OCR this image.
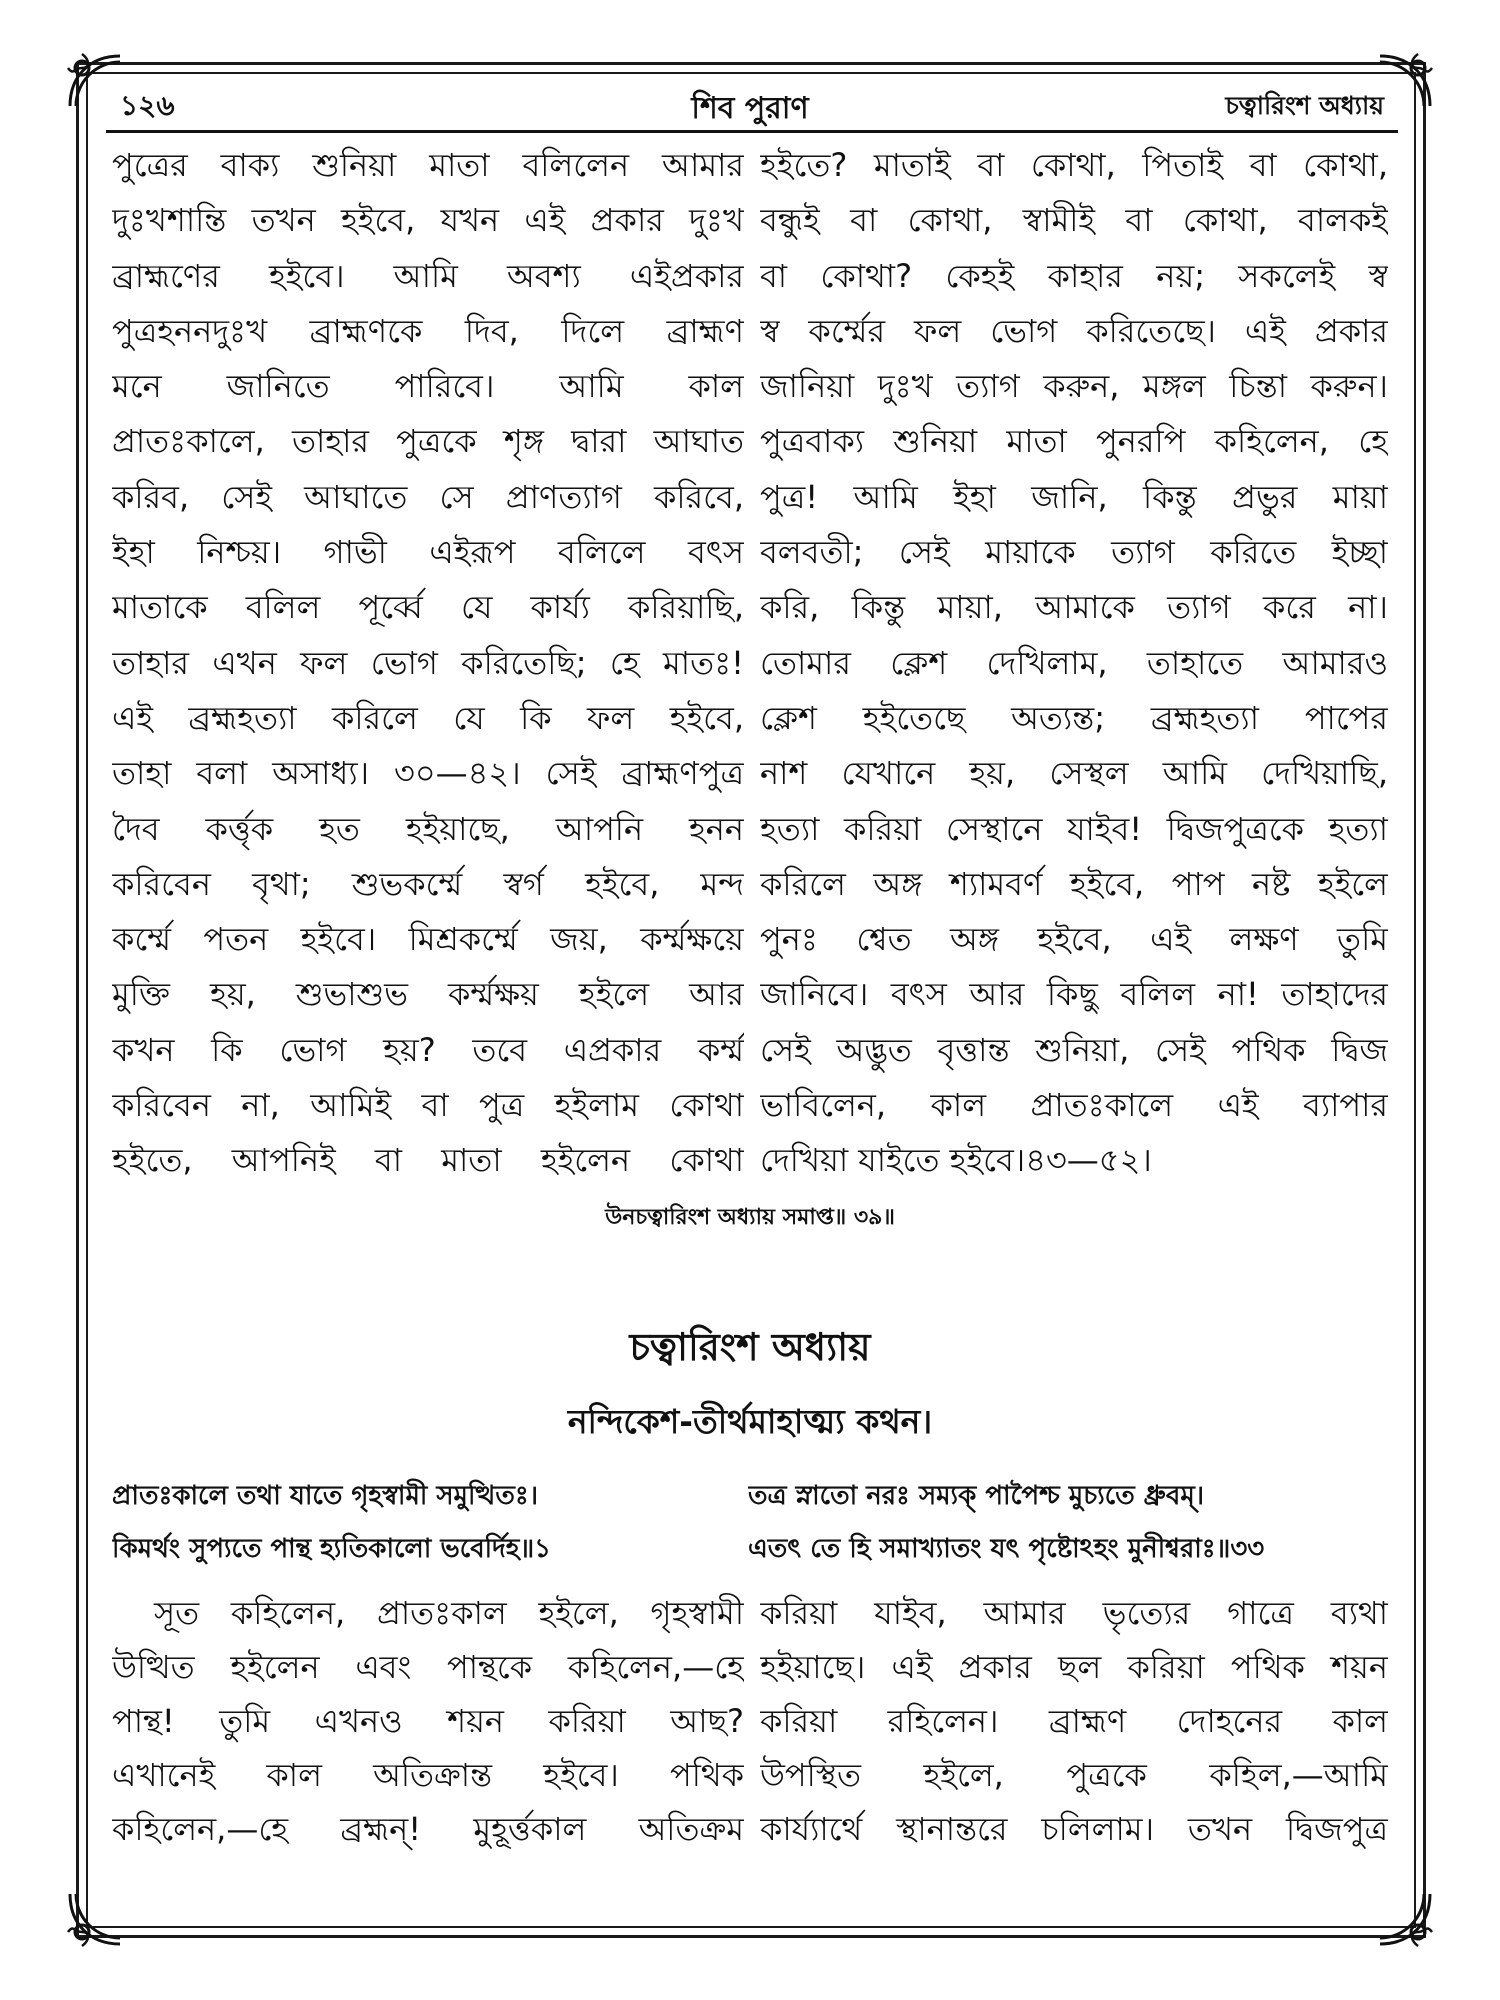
১২৬	শিব পুরাণ	চত্বারিংশ অধ্যায়
পুত্রের বাক্য শুনিয়া মাতা বলিলেন আমার
দুঃখশান্তি তখন হইবে, যখন এই প্রকার দুঃখ
ব্রাহ্মণের হইবে। আমি অবশ্য এইপ্রকার
পুত্রহননদুঃখ ব্রাহ্মণকে দিব, দিলে ব্রাহ্মণ
মনে জানিতে পারিবে। আমি কাল
প্রাতঃকালে, তাহার পুত্রকে শৃঙ্গ দ্বারা আঘাত
করিব, সেই আঘাতে সে প্রাণত্যাগ করিবে,
ইহা নিশ্চয়। গাভী এইরূপ বলিলে বৎস
মাতাকে বলিল পূর্ব্বে যে কার্য্য করিয়াছি,
তাহার এখন ফল ভোগ করিতেছি; হে মাতঃ!
এই ব্রহ্মহত্যা করিলে যে কি ফল হইবে,
তাহা বলা অসাধ্য। ৩০—৪২। সেই ব্রাহ্মণপুত্র
দৈব কর্ত্তৃক হত হইয়াছে, আপনি হনন
করিবেন বৃথা; শুভকর্ম্মে স্বর্গ হইবে, মন্দ
কর্ম্মে পতন হইবে। মিশ্রকর্ম্মে জয়, কর্ম্মক্ষয়ে
মুক্তি হয়, শুভাশুভ কর্ম্মক্ষয় হইলে আর
কখন কি ভোগ হয়? তবে এপ্রকার কর্ম্ম
করিবেন না, আমিই বা পুত্র হইলাম কোথা
হইতে, আপনিই বা মাতা হইলেন কোথা
হইতে? মাতাই বা কোথা, পিতাই বা কোথা,
বন্ধুই বা কোথা, স্বামীই বা কোথা, বালকই
বা কোথা? কেহই কাহার নয়; সকলেই স্ব
স্ব কর্ম্মের ফল ভোগ করিতেছে। এই প্রকার
জানিয়া দুঃখ ত্যাগ করুন, মঙ্গল চিন্তা করুন।
পুত্রবাক্য শুনিয়া মাতা পুনরপি কহিলেন, হে
পুত্র! আমি ইহা জানি, কিন্তু প্রভুর মায়া
বলবতী; সেই মায়াকে ত্যাগ করিতে ইচ্ছা
করি, কিন্তু মায়া, আমাকে ত্যাগ করে না।
তোমার ক্লেশ দেখিলাম, তাহাতে আমারও
ক্লেশ হইতেছে অত্যন্ত; ব্রহ্মহত্যা পাপের
নাশ যেখানে হয়, সেস্থল আমি দেখিয়াছি,
হত্যা করিয়া সেস্থানে যাইব! দ্বিজপুত্রকে হত্যা
করিলে অঙ্গ শ্যামবর্ণ হইবে, পাপ নষ্ট হইলে
পুনঃ শ্বেত অঙ্গ হইবে, এই লক্ষণ তুমি
জানিবে। বৎস আর কিছু বলিল না! তাহাদের
সেই অদ্ভুত বৃত্তান্ত শুনিয়া, সেই পথিক দ্বিজ
ভাবিলেন, কাল প্রাতঃকালে এই ব্যাপার
দেখিয়া যাইতে হইবে।৪৩—৫২।
উনচত্বারিংশ অধ্যায় সমাপ্ত॥ ৩৯॥
চত্বারিংশ অধ্যায়
নন্দিকেশ-তীর্থমাহাত্ম্য কথন।
প্রাতঃকালে তথা যাতে গৃহস্বামী সমুত্থিতঃ।
কিমর্থং সুপ্যতে পান্থ হ্যতিকালো ভবের্দিহ॥১
তত্র স্নাতো নরঃ সম্যক্ পাপৈশ্চ মুচ্যতে ধ্রুবম্।
এতৎ তে হি সমাখ্যাতং যৎ পৃষ্টোঽহং মুনীশ্বরাঃ॥৩৩
সূত কহিলেন, প্রাতঃকাল হইলে, গৃহস্বামী
উত্থিত হইলেন এবং পান্থকে কহিলেন,—হে
পান্থ! তুমি এখনও শয়ন করিয়া আছ?
এখানেই কাল অতিক্রান্ত হইবে। পথিক
কহিলেন,—হে ব্রহ্মন্! মুহূর্ত্তকাল অতিক্রম
করিয়া যাইব, আমার ভৃত্যের গাত্রে ব্যথা
হইয়াছে। এই প্রকার ছল করিয়া পথিক শয়ন
করিয়া রহিলেন। ব্রাহ্মণ দোহনের কাল
উপস্থিত হইলে, পুত্রকে কহিল,—আমি
কার্য্যার্থে স্থানান্তরে চলিলাম। তখন দ্বিজপুত্র
